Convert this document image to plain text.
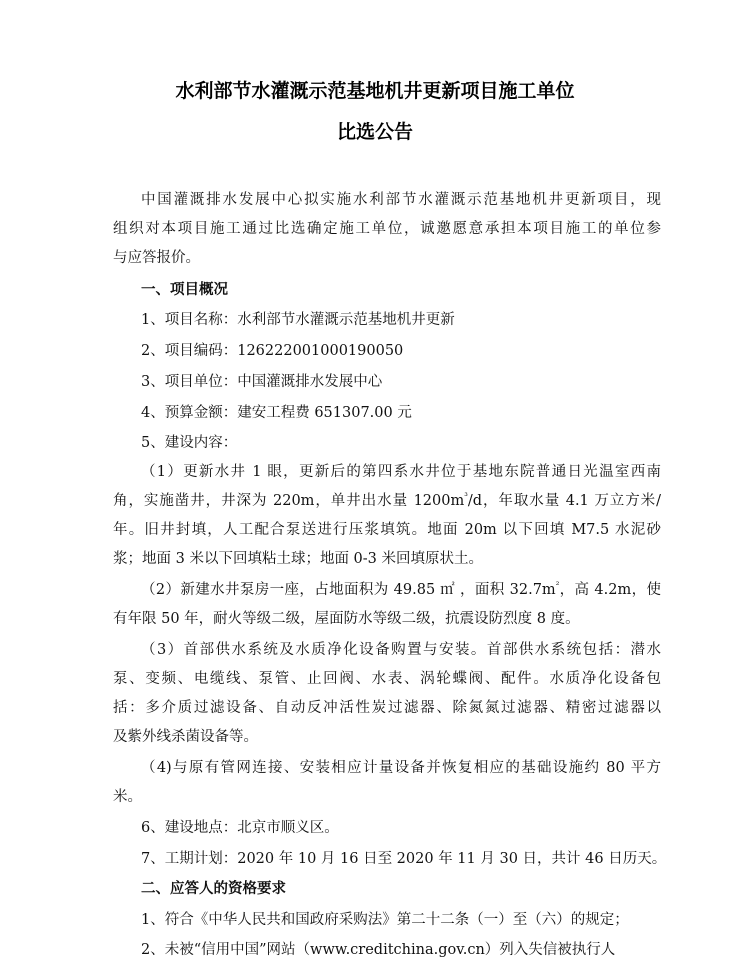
水利部节水灌溉示范基地机井更新项目施工单位
比选公告
中国灌溉排水发展中心拟实施水利部节水灌溉示范基地机井更新项目，现
组织对本项目施工通过比选确定施工单位，诚邀愿意承担本项目施工的单位参
与应答报价。
一、项目概况
1、项目名称：水利部节水灌溉示范基地机井更新
2、项目编码：126222001000190050
3、项目单位：中国灌溉排水发展中心
4、预算金额：建安工程费 651307.00 元
5、建设内容：
（1）更新水井 1 眼，更新后的第四系水井位于基地东院普通日光温室西南
角，实施凿井，井深为 220m，单井出水量 $1200m^{^3}/d$，年取水量 4.1 万立方米/
年。旧井封填，人工配合泵送进行压浆填筑。地面 20m 以下回填 M7.5 水泥砂
浆；地面 3 米以下回填粘土球；地面 0-3 米回填原状土。
（2）新建水井泵房一座，占地面积为 49.85 ㎡ ，面积 $32.7m^{^2}$，高 4.2m，使
有年限 50 年，耐火等级二级，屋面防水等级二级，抗震设防烈度 8 度。
（3）首部供水系统及水质净化设备购置与安装。首部供水系统包括：潜水
泵、变频、电缆线、泵管、止回阀、水表、涡轮蝶阀、配件。水质净化设备包
括：多介质过滤设备、自动反冲活性炭过滤器、除氮氮过滤器、精密过滤器以
及紫外线杀菌设备等。
（4)与原有管网连接、安装相应计量设备并恢复相应的基础设施约 80 平方
米。
6、建设地点：北京市顺义区。
7、工期计划：2020 年 10 月 16 日至 2020 年 11 月 30 日，共计 46 日历天。
二、应答人的资格要求
1、符合《中华人民共和国政府采购法》第二十二条（一）至（六）的规定；
2、未被“信用中国”网站（www.creditchina.gov.cn）列入失信被执行人
